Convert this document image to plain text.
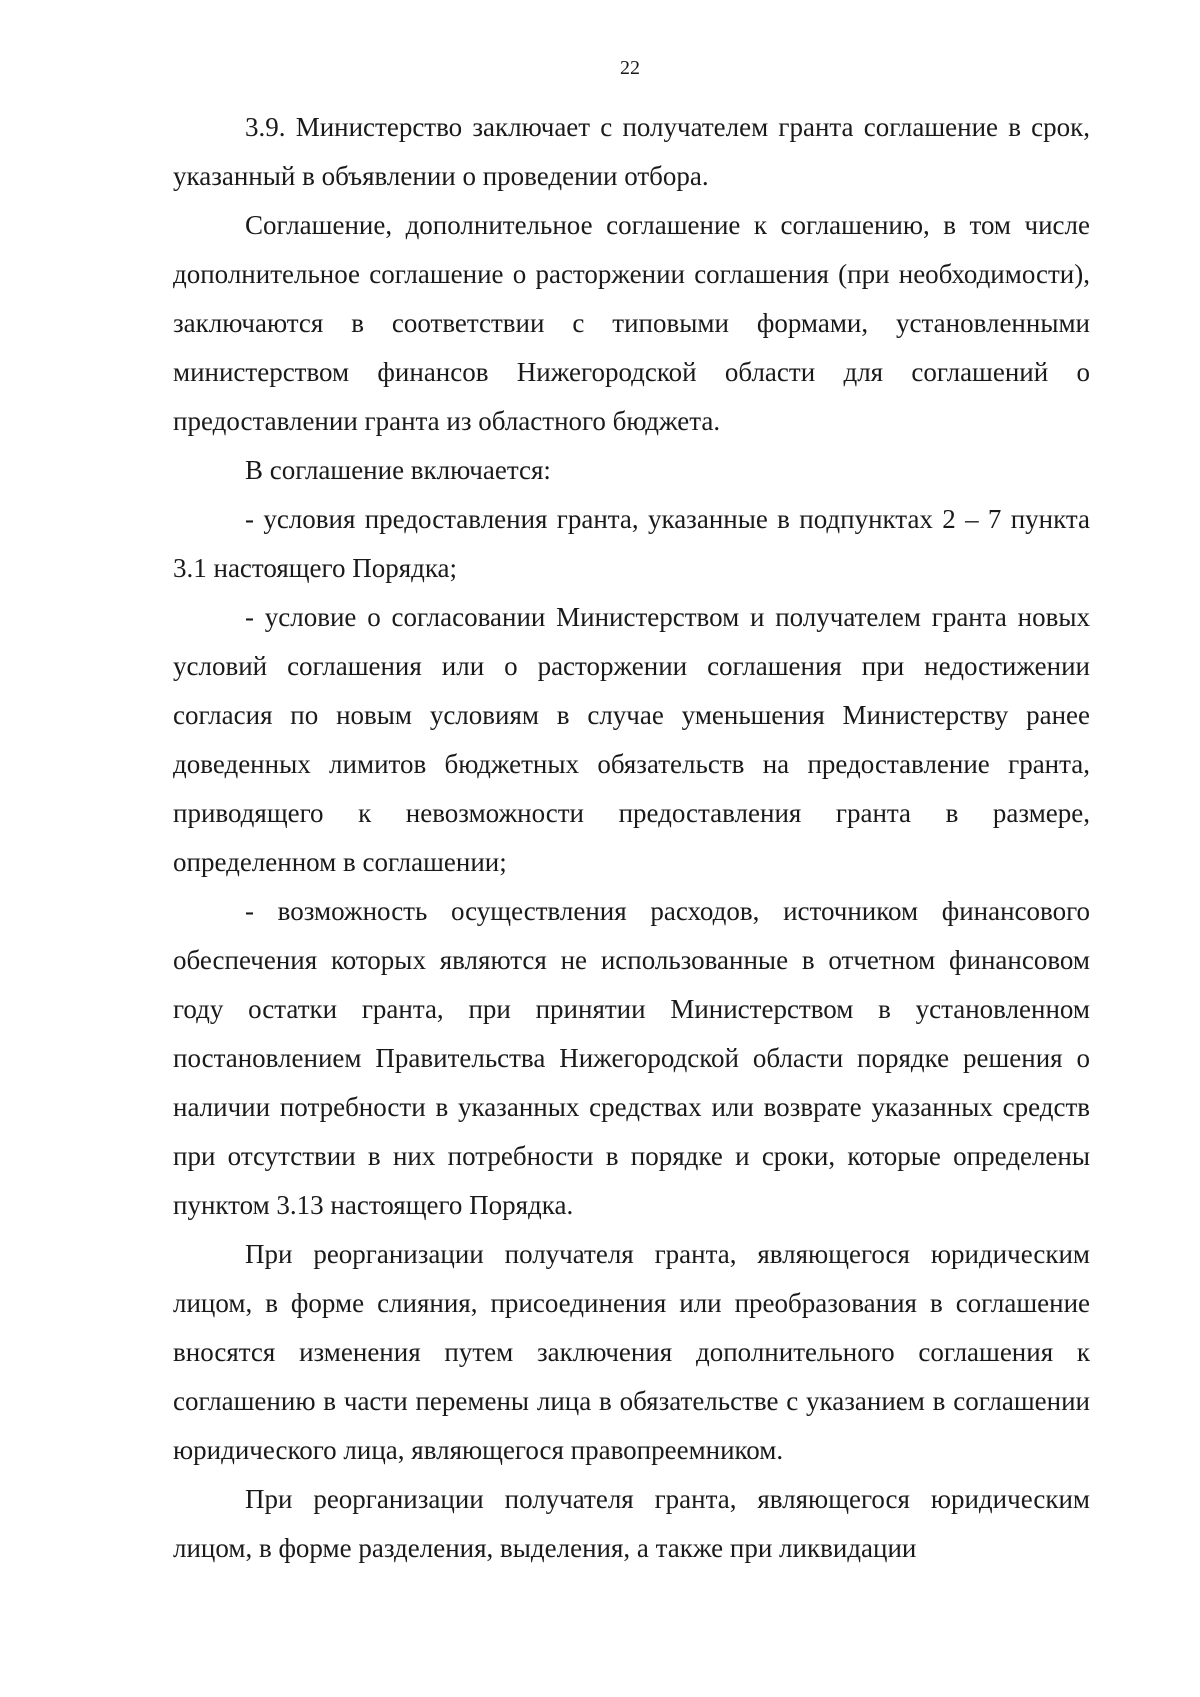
22

3.9. Министерство заключает с получателем гранта соглашение в срок, указанный в объявлении о проведении отбора.

Соглашение, дополнительное соглашение к соглашению, в том числе дополнительное соглашение о расторжении соглашения (при необходимости), заключаются в соответствии с типовыми формами, установленными министерством финансов Нижегородской области для соглашений о предоставлении гранта из областного бюджета.

В соглашение включается:

- условия предоставления гранта, указанные в подпунктах 2 – 7 пункта 3.1 настоящего Порядка;

- условие о согласовании Министерством и получателем гранта новых условий соглашения или о расторжении соглашения при недостижении согласия по новым условиям в случае уменьшения Министерству ранее доведенных лимитов бюджетных обязательств на предоставление гранта, приводящего к невозможности предоставления гранта в размере, определенном в соглашении;

- возможность осуществления расходов, источником финансового обеспечения которых являются не использованные в отчетном финансовом году остатки гранта, при принятии Министерством в установленном постановлением Правительства Нижегородской области порядке решения о наличии потребности в указанных средствах или возврате указанных средств при отсутствии в них потребности в порядке и сроки, которые определены пунктом 3.13 настоящего Порядка.

При реорганизации получателя гранта, являющегося юридическим лицом, в форме слияния, присоединения или преобразования в соглашение вносятся изменения путем заключения дополнительного соглашения к соглашению в части перемены лица в обязательстве с указанием в соглашении юридического лица, являющегося правопреемником.

При реорганизации получателя гранта, являющегося юридическим лицом, в форме разделения, выделения, а также при ликвидации
